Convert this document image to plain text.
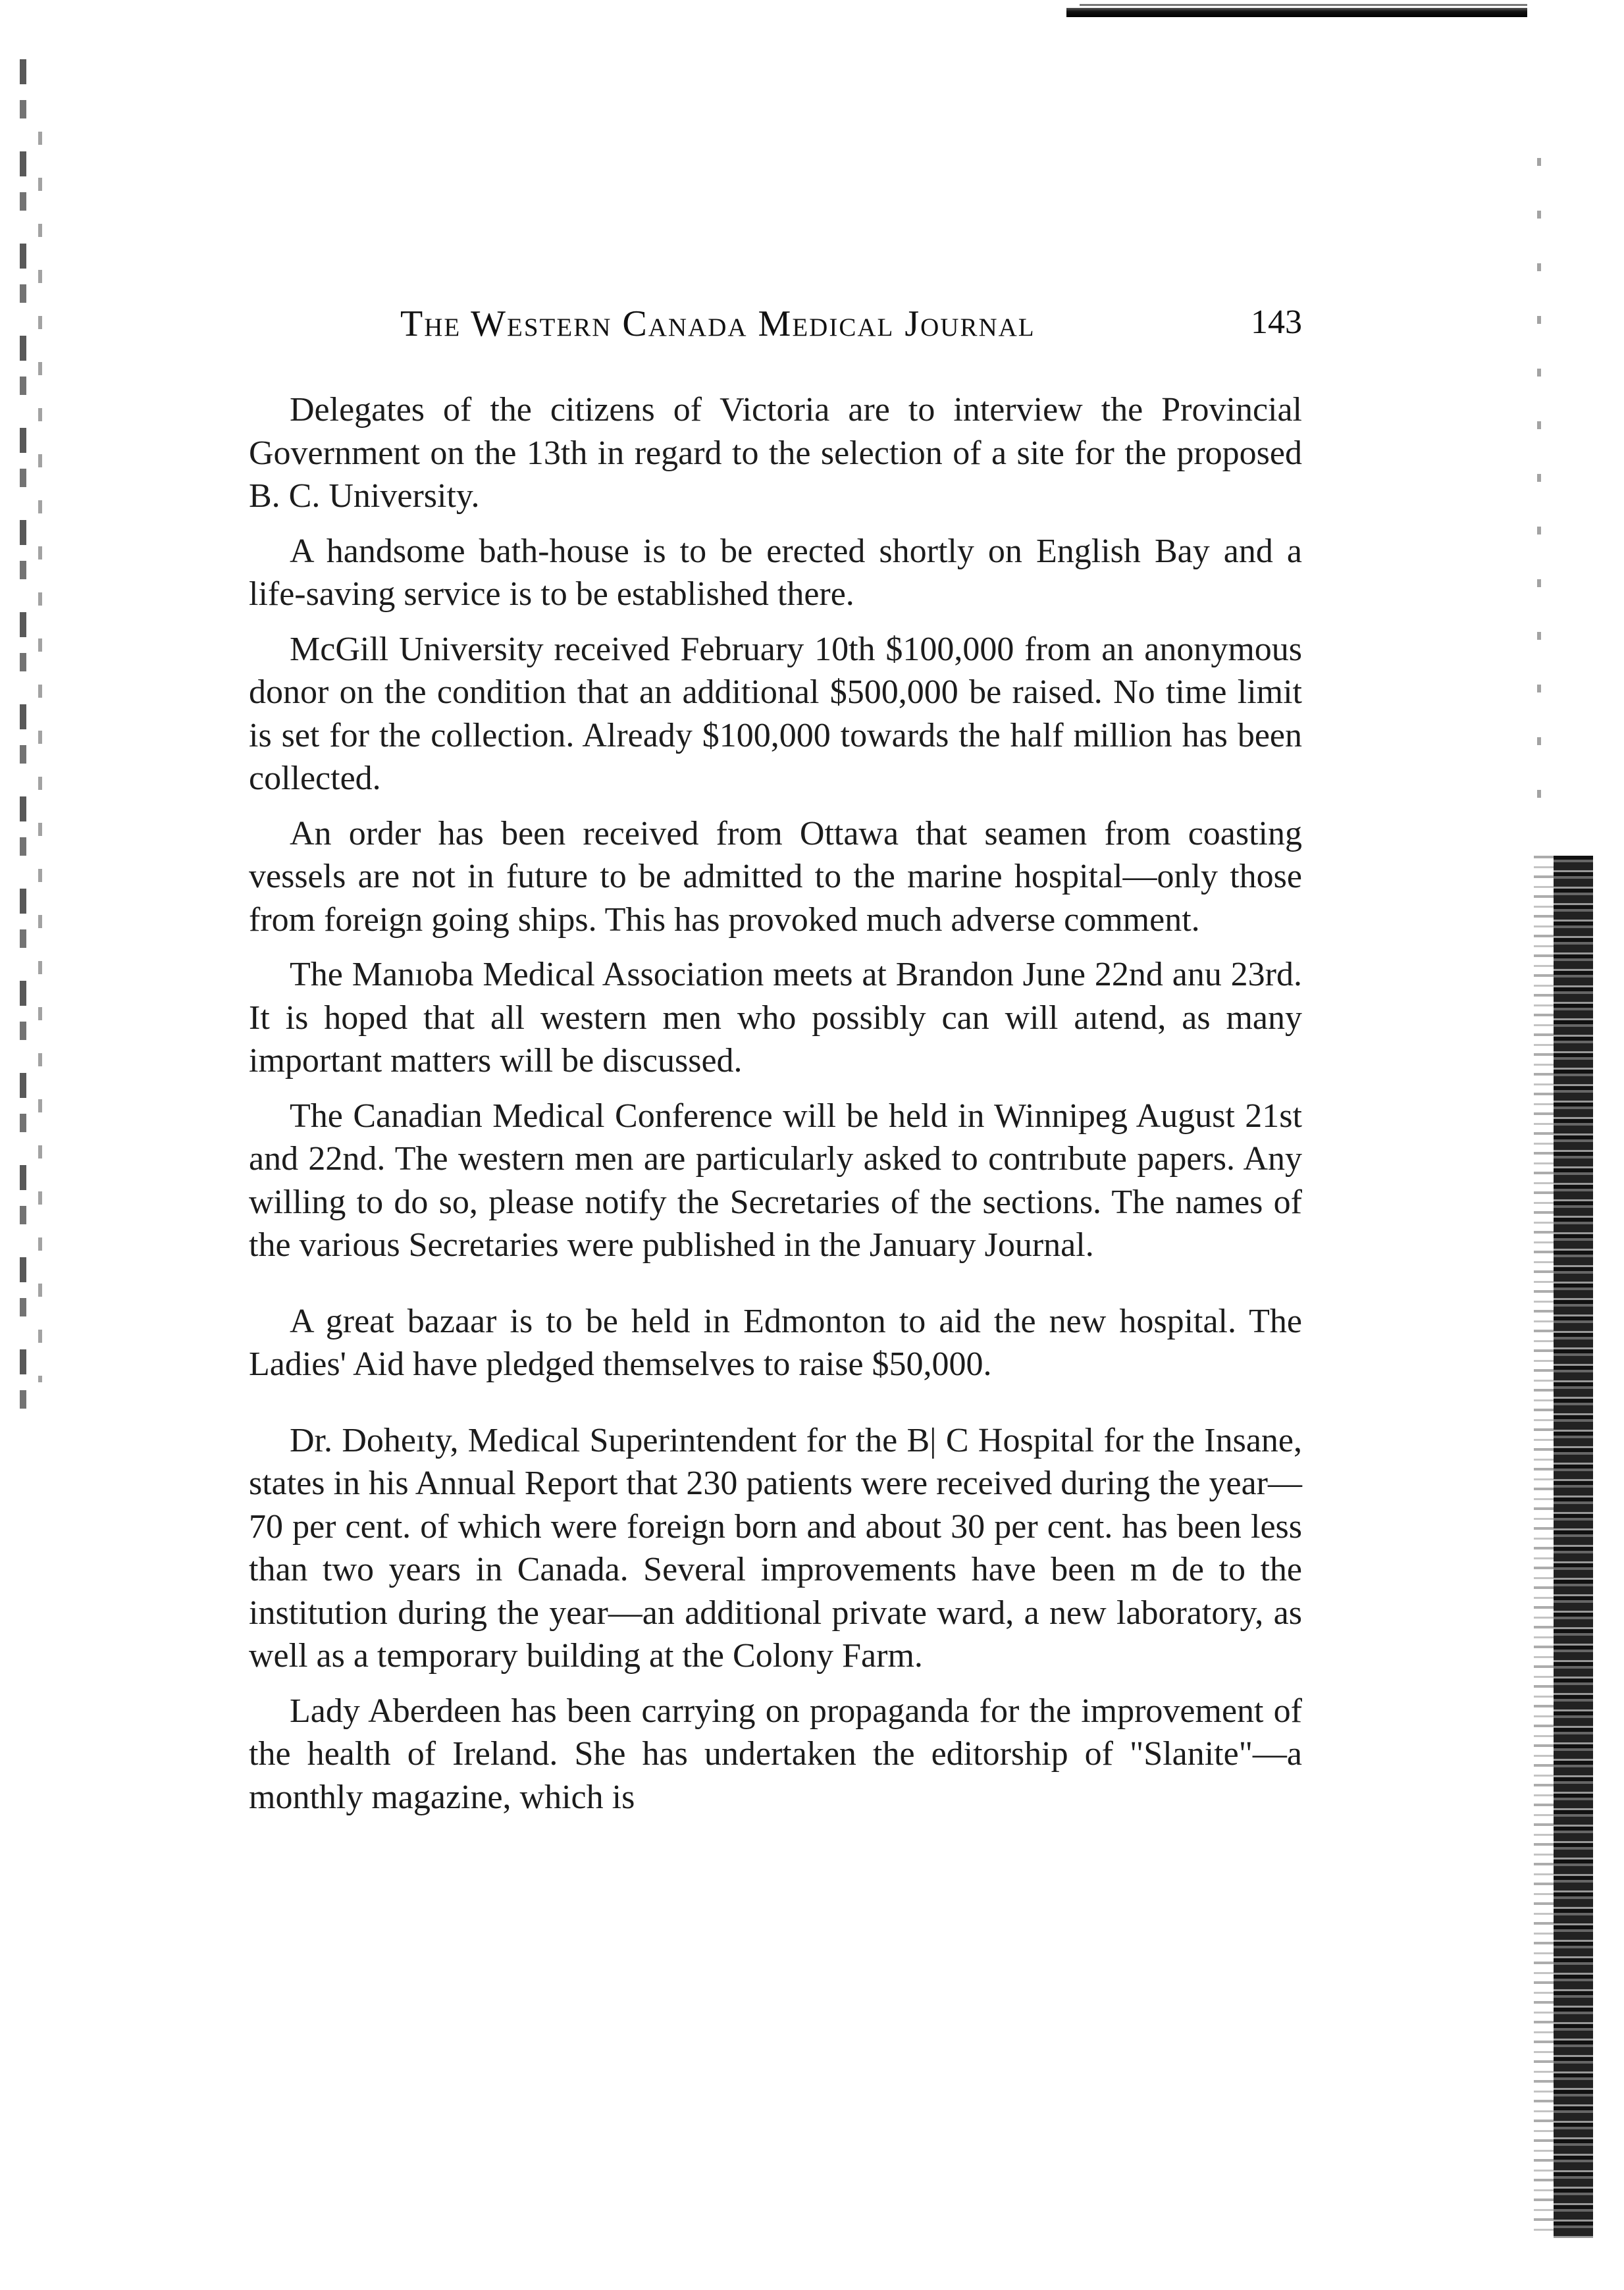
The Western Canada Medical Journal	143

Delegates of the citizens of Victoria are to interview the Provincial Government on the 13th in regard to the selection of a site for the proposed B. C. University.

A handsome bath-house is to be erected shortly on English Bay and a life-saving service is to be established there.

McGill University received February 10th $100,000 from an anonymous donor on the condition that an additional $500,000 be raised. No time limit is set for the collection. Already $100,000 towards the half million has been collected.

An order has been received from Ottawa that seamen from coasting vessels are not in future to be admitted to the marine hospital—only those from foreign going ships. This has provoked much adverse comment.

The Manıoba Medical Association meets at Brandon June 22nd anu 23rd. It is hoped that all western men who possibly can will aıtend, as many important matters will be discussed.

The Canadian Medical Conference will be held in Winnipeg August 21st and 22nd. The western men are particularly asked to contrıbute papers. Any willing to do so, please notify the Secretaries of the sections. The names of the various Secretaries were published in the January Journal.

A great bazaar is to be held in Edmonton to aid the new hospital. The Ladies' Aid have pledged themselves to raise $50,000.

Dr. Doheıty, Medical Superintendent for the B| C Hospital for the Insane, states in his Annual Report that 230 patients were received during the year—70 per cent. of which were foreign born and about 30 per cent. has been less than two years in Canada. Several improvements have been m de to the institution during the year—an additional private ward, a new laboratory, as well as a temporary building at the Colony Farm.

Lady Aberdeen has been carrying on propaganda for the improvement of the health of Ireland. She has undertaken the editorship of "Slanite"—a monthly magazine, which is
